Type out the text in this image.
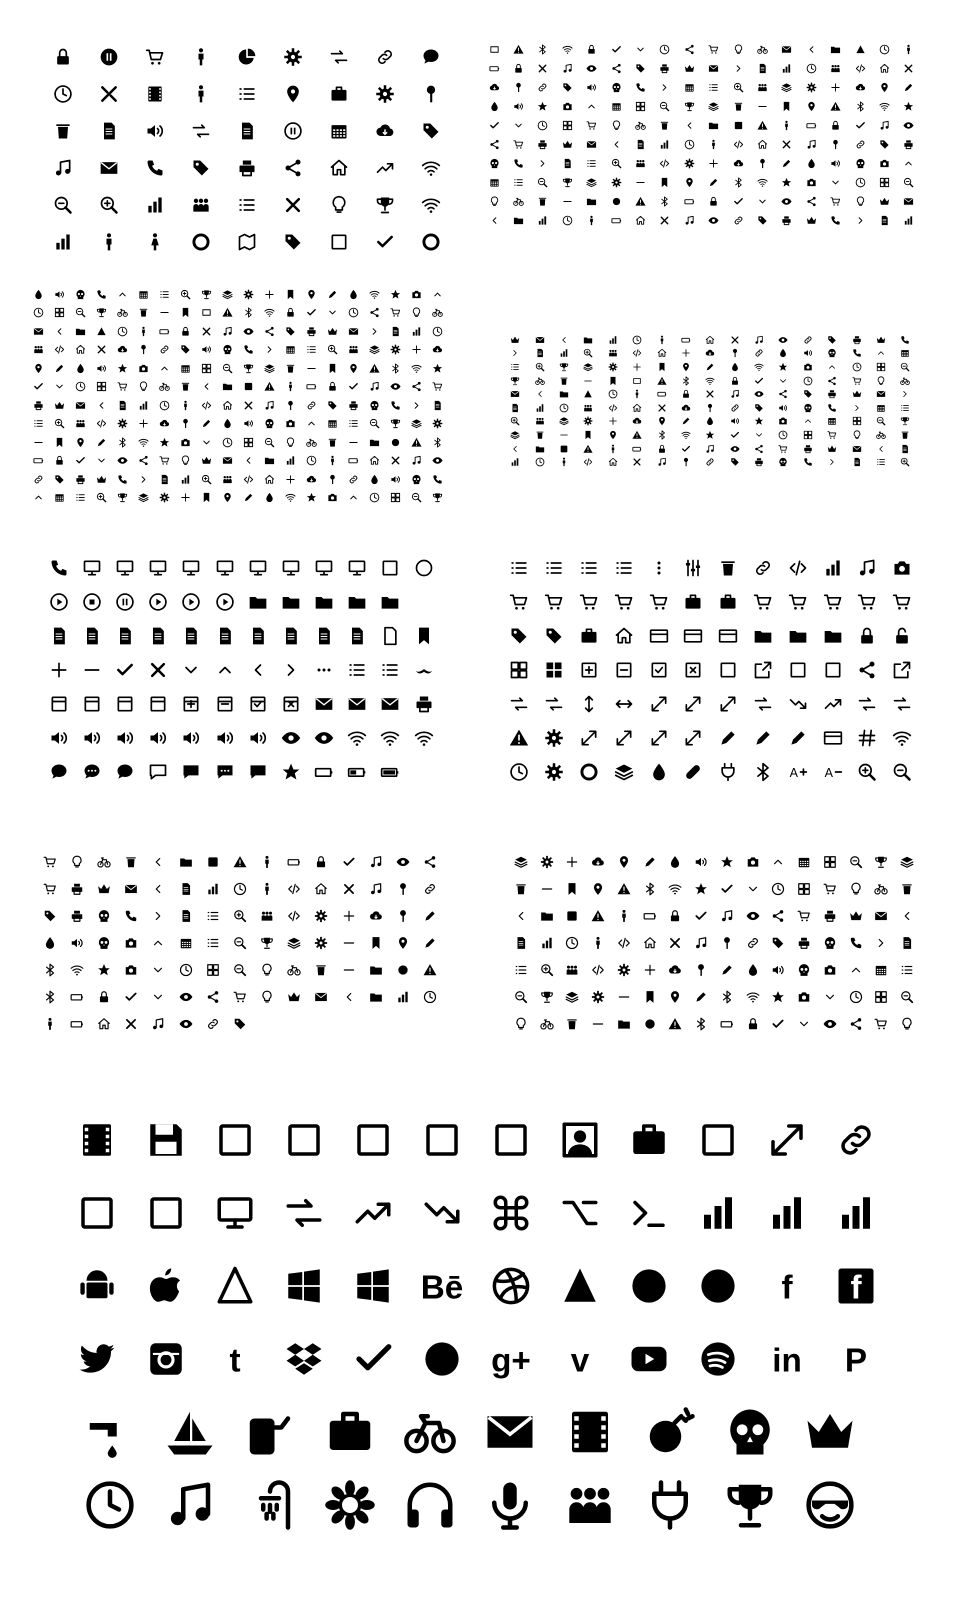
A A
Bē	f	f
t	g+ v	in P
